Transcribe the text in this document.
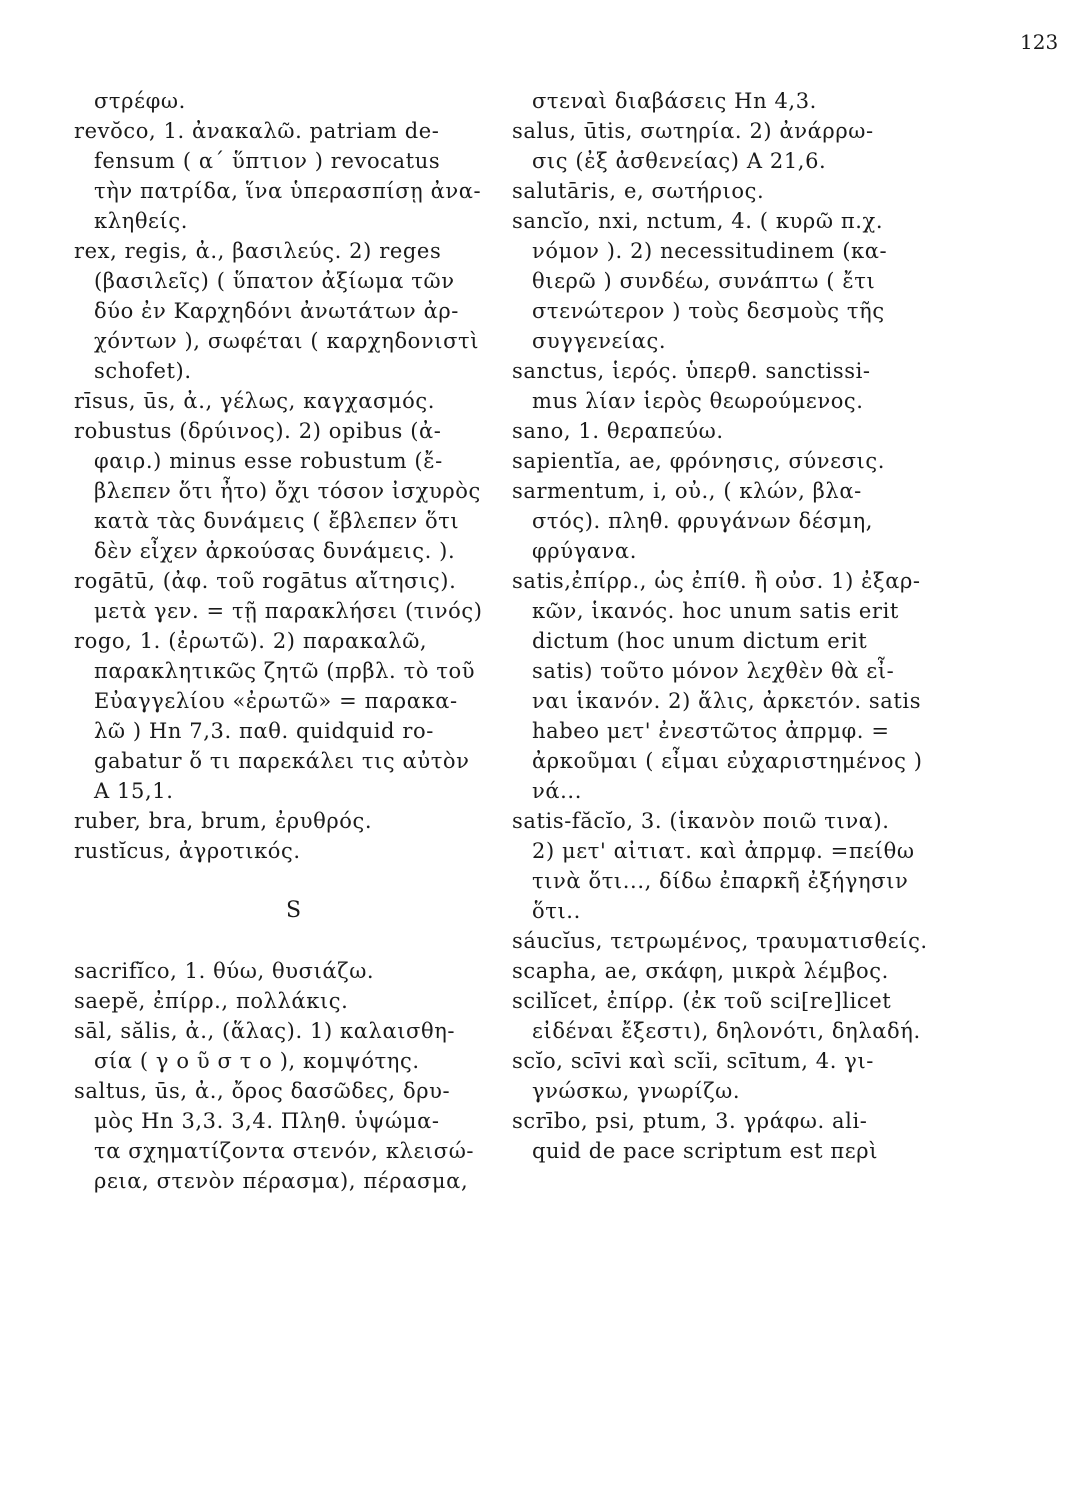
123
στρέφω.
revŏco, 1. ἀνακαλῶ. patriam de-
fensum ( α΄ ὕπτιον ) revocatus
τὴν πατρίδα, ἵνα ὑπερασπίσῃ ἀνα-
κληθείς.
rex, regis, ἀ., βασιλεύς. 2) reges
(βασιλεῖς) ( ὕπατον ἀξίωμα τῶν
δύο ἐν Καρχηδόνι ἀνωτάτων ἀρ-
χόντων ), σωφέται ( καρχηδονιστὶ
schofet).
rīsus, ūs, ἀ., γέλως, καγχασμός.
robustus (δρύινος). 2) opibus (ἀ-
φαιρ.) minus esse robustum (ἔ-
βλεπεν ὅτι ἦτο) ὄχι τόσον ἰσχυρὸς
κατὰ τὰς δυνάμεις ( ἔβλεπεν ὅτι
δὲν εἶχεν ἀρκούσας δυνάμεις. ).
rogātū, (ἀφ. τοῦ rogātus αἴτησις).
μετὰ γεν. = τῇ παρακλήσει (τινός)
rogo, 1. (ἐρωτῶ). 2) παρακαλῶ,
παρακλητικῶς ζητῶ (πρβλ. τὸ τοῦ
Εὐαγγελίου «ἐρωτῶ» = παρακα-
λῶ ) Hn 7,3. παθ. quidquid ro-
gabatur ὅ τι παρεκάλει τις αὐτὸν
A 15,1.
ruber, bra, brum, ἐρυθρός.
rustĭcus, ἀγροτικός.
S
sacrifĭco, 1. θύω, θυσιάζω.
saepĕ, ἐπίρρ., πολλάκις.
sāl, sălis, ἀ., (ἅλας). 1) καλαισθη-
σία ( γ ο ῦ σ τ ο ), κομψότης.
saltus, ūs, ἀ., ὄρος δασῶδες, δρυ-
μὸς Hn 3,3. 3,4. Πληθ. ὑψώμα-
τα σχηματίζοντα στενόν, κλεισώ-
ρεια, στενὸν πέρασμα), πέρασμα,
στεναὶ διαβάσεις Hn 4,3.
salus, ūtis, σωτηρία. 2) ἀνάρρω-
σις (ἐξ ἀσθενείας) A 21,6.
salutāris, e, σωτήριος.
sancĭo, nxi, nctum, 4. ( κυρῶ π.χ.
νόμον ). 2) necessitudinem (κα-
θιερῶ ) συνδέω, συνάπτω ( ἔτι
στενώτερον ) τοὺς δεσμοὺς τῆς
συγγενείας.
sanctus, ἱερός. ὑπερθ. sanctissi-
mus λίαν ἱερὸς θεωρούμενος.
sano, 1. θεραπεύω.
sapientĭa, ae, φρόνησις, σύνεσις.
sarmentum, i, οὐ., ( κλών, βλα-
στός). πληθ. φρυγάνων δέσμη,
φρύγανα.
satis,ἐπίρρ., ὡς ἐπίθ. ἢ οὐσ. 1) ἐξαρ-
κῶν, ἱκανός. hoc unum satis erit
dictum (hoc unum dictum erit
satis) τοῦτο μόνον λεχθὲν θὰ εἶ-
ναι ἱκανόν. 2) ἅλις, ἀρκετόν. satis
habeo μετ' ἐνεστῶτος ἀπρμφ. =
ἀρκοῦμαι ( εἶμαι εὐχαριστημένος )
νά...
satis-făcĭo, 3. (ἱκανὸν ποιῶ τινα).
2) μετ' αἰτιατ. καὶ ἀπρμφ. =πείθω
τινὰ ὅτι..., δίδω ἐπαρκῆ ἐξήγησιν
ὅτι..
sáucĭus, τετρωμένος, τραυματισθείς.
scapha, ae, σκάφη, μικρὰ λέμβος.
scilĭcet, ἐπίρρ. (ἐκ τοῦ sci[re]licet
εἰδέναι ἔξεστι), δηλονότι, δηλαδή.
scĭo, scīvi καὶ scĭi, scītum, 4. γι-
γνώσκω, γνωρίζω.
scrībo, psi, ptum, 3. γράφω. ali-
quid de pace scriptum est περὶ
